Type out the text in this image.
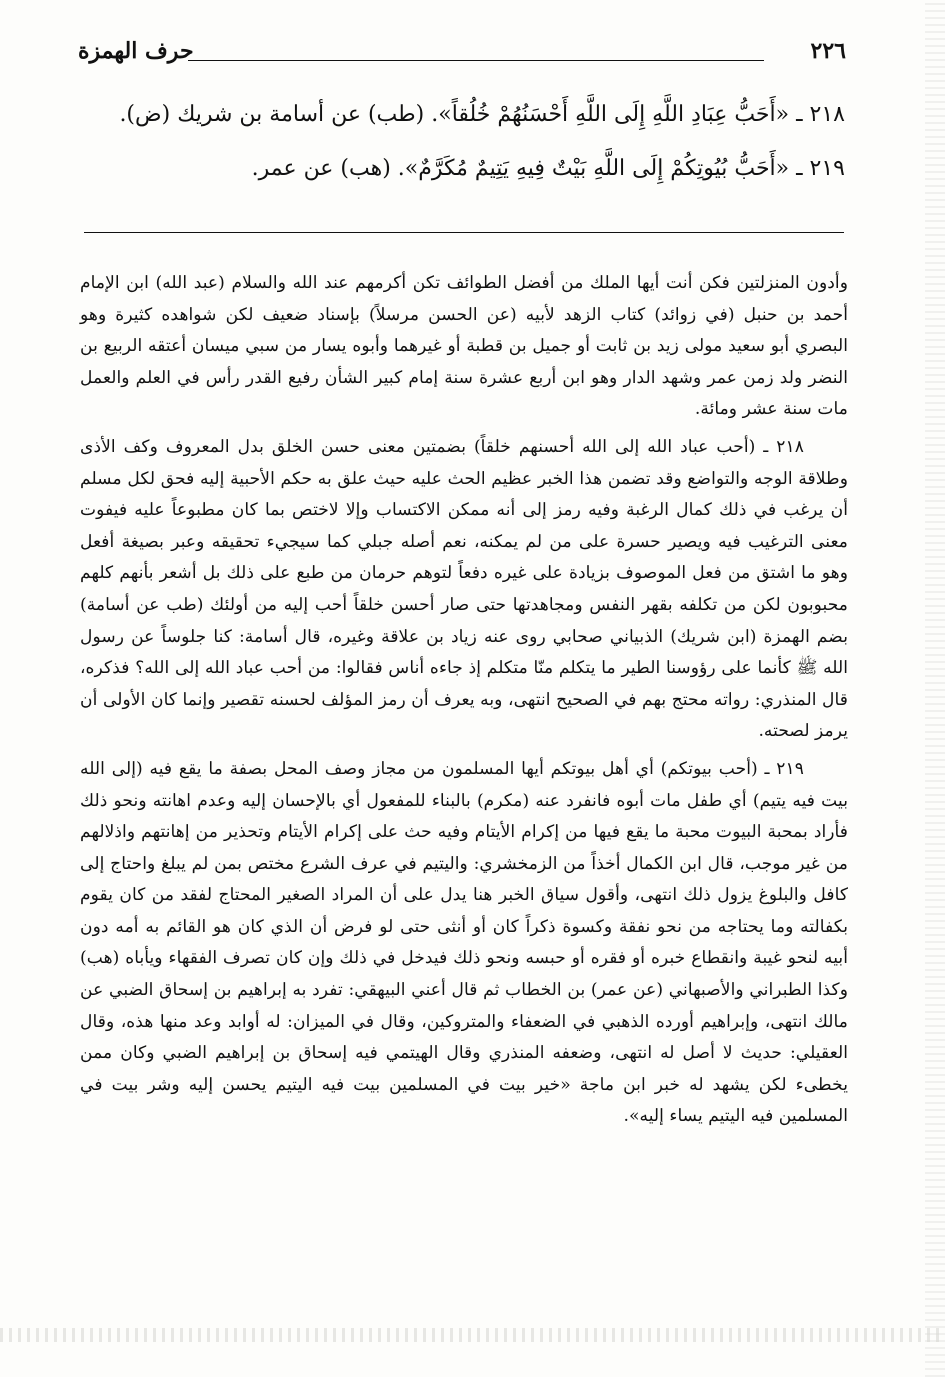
٢٢٦
حرف الهمزة
٢١٨ ـ «أَحَبُّ عِبَادِ اللَّهِ إِلَى اللَّهِ أَحْسَنُهُمْ خُلُقاً». (طب) عن أسامة بن شريك (ض).
٢١٩ ـ «أَحَبُّ بُيُوتِكُمْ إِلَى اللَّهِ بَيْتٌ فِيهِ يَتِيمٌ مُكَرَّمٌ». (هب) عن عمر.

وأدون المنزلتين فكن أنت أيها الملك من أفضل الطوائف تكن أكرمهم عند الله والسلام (عبد الله) ابن الإمام أحمد بن حنبل (في زوائد) كتاب الزهد لأبيه (عن الحسن مرسلاً) بإسناد ضعيف لكن شواهده كثيرة وهو البصري أبو سعيد مولى زيد بن ثابت أو جميل بن قطبة أو غيرهما وأبوه يسار من سبي ميسان أعتقه الربيع بن النضر ولد زمن عمر وشهد الدار وهو ابن أربع عشرة سنة إمام كبير الشأن رفيع القدر رأس في العلم والعمل مات سنة عشر ومائة.

٢١٨ ـ (أحب عباد الله إلى الله أحسنهم خلقاً) بضمتين معنى حسن الخلق بدل المعروف وكف الأذى وطلاقة الوجه والتواضع وقد تضمن هذا الخبر عظيم الحث عليه حيث علق به حكم الأحبية إليه فحق لكل مسلم أن يرغب في ذلك كمال الرغبة وفيه رمز إلى أنه ممكن الاكتساب وإلا لاختص بما كان مطبوعاً عليه فيفوت معنى الترغيب فيه ويصير حسرة على من لم يمكنه، نعم أصله جبلي كما سيجيء تحقيقه وعبر بصيغة أفعل وهو ما اشتق من فعل الموصوف بزيادة على غيره دفعاً لتوهم حرمان من طبع على ذلك بل أشعر بأنهم كلهم محبوبون لكن من تكلفه بقهر النفس ومجاهدتها حتى صار أحسن خلقاً أحب إليه من أولئك (طب عن أسامة) بضم الهمزة (ابن شريك) الذبياني صحابي روى عنه زياد بن علاقة وغيره، قال أسامة: كنا جلوساً عن رسول الله ﷺ كأنما على رؤوسنا الطير ما يتكلم منّا متكلم إذ جاءه أناس فقالوا: من أحب عباد الله إلى الله؟ فذكره، قال المنذري: رواته محتج بهم في الصحيح انتهى، وبه يعرف أن رمز المؤلف لحسنه تقصير وإنما كان الأولى أن يرمز لصحته.

٢١٩ ـ (أحب بيوتكم) أي أهل بيوتكم أيها المسلمون من مجاز وصف المحل بصفة ما يقع فيه (إلى الله بيت فيه يتيم) أي طفل مات أبوه فانفرد عنه (مكرم) بالبناء للمفعول أي بالإحسان إليه وعدم اهانته ونحو ذلك فأراد بمحبة البيوت محبة ما يقع فيها من إكرام الأيتام وفيه حث على إكرام الأيتام وتحذير من إهانتهم واذلالهم من غير موجب، قال ابن الكمال أخذاً من الزمخشري: واليتيم في عرف الشرع مختص بمن لم يبلغ واحتاج إلى كافل والبلوغ يزول ذلك انتهى، وأقول سياق الخبر هنا يدل على أن المراد الصغير المحتاج لفقد من كان يقوم بكفالته وما يحتاجه من نحو نفقة وكسوة ذكراً كان أو أنثى حتى لو فرض أن الذي كان هو القائم به أمه دون أبيه لنحو غيبة وانقطاع خبره أو فقره أو حبسه ونحو ذلك فيدخل في ذلك وإن كان تصرف الفقهاء ويأباه (هب) وكذا الطبراني والأصبهاني (عن عمر) بن الخطاب ثم قال أعني البيهقي: تفرد به إبراهيم بن إسحاق الضبي عن مالك انتهى، وإبراهيم أورده الذهبي في الضعفاء والمتروكين، وقال في الميزان: له أوابد وعد منها هذه، وقال العقيلي: حديث لا أصل له انتهى، وضعفه المنذري وقال الهيتمي فيه إسحاق بن إبراهيم الضبي وكان ممن يخطىء لكن يشهد له خبر ابن ماجة «خير بيت في المسلمين بيت فيه اليتيم يحسن إليه وشر بيت في المسلمين فيه اليتيم يساء إليه».
